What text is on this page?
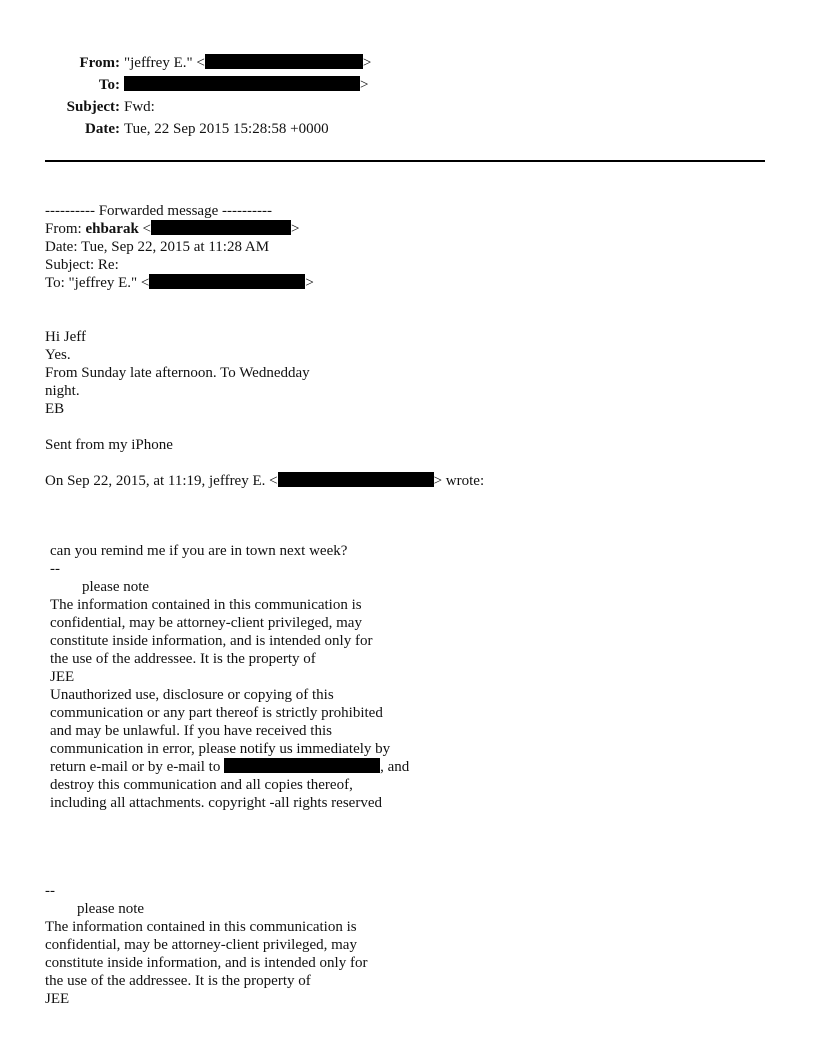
From: "jeffrey E." <	>
To:	>
Subject: Fwd:
Date: Tue, 22 Sep 2015 15:28:58 +0000
---------- Forwarded message ----------
From: ehbarak <	>
Date: Tue, Sep 22, 2015 at 11:28 AM
Subject: Re:
To: "jeffrey E." <	>
Hi Jeff
Yes.
From Sunday late afternoon. To Wednedday
night.
EB
Sent from my iPhone
On Sep 22, 2015, at 11:19, jeffrey E. <	> wrote:
can you remind me if you are in town next week?
--
please note
The information contained in this communication is
confidential, may be attorney-client privileged, may
constitute inside information, and is intended only for
the use of the addressee. It is the property of
JEE
Unauthorized use, disclosure or copying of this
communication or any part thereof is strictly prohibited
and may be unlawful. If you have received this
communication in error, please notify us immediately by
return e-mail or by e-mail to	, and
destroy this communication and all copies thereof,
including all attachments. copyright -all rights reserved
--
please note
The information contained in this communication is
confidential, may be attorney-client privileged, may
constitute inside information, and is intended only for
the use of the addressee. It is the property of
JEE
